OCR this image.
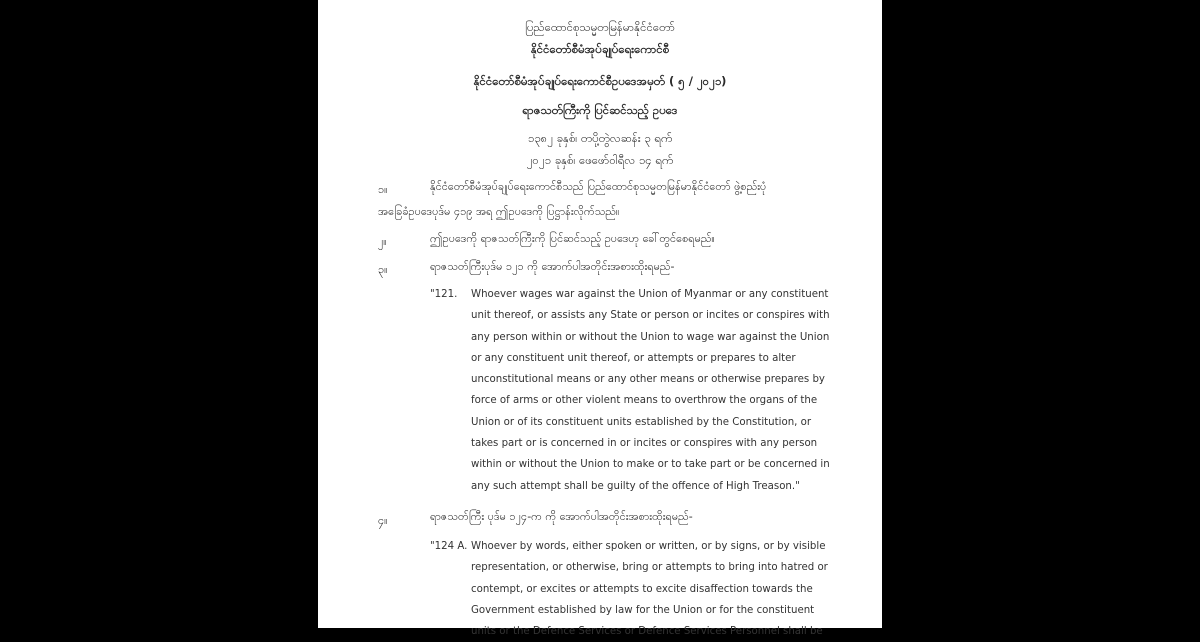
ပြည်ထောင်စုသမ္မတမြန်မာနိုင်ငံတော်
နိုင်ငံတော်စီမံအုပ်ချုပ်ရေးကောင်စီ
နိုင်ငံတော်စီမံအုပ်ချုပ်ရေးကောင်စီဥပဒေအမှတ် ( ၅ / ၂၀၂၁)
ရာဇသတ်ကြီးကို ပြင်ဆင်သည့် ဥပဒေ
၁၃၈၂ ခုနှစ်၊ တပို့တွဲလဆန်း ၃ ရက်
၂၀၂၁ ခုနှစ်၊ ဖေဖော်ဝါရီလ ၁၄ ရက်
၁။	နိုင်ငံတော်စီမံအုပ်ချုပ်ရေးကောင်စီသည် ပြည်ထောင်စုသမ္မတမြန်မာနိုင်ငံတော် ဖွဲ့စည်းပုံ
အခြေခံဥပဒေပုဒ်မ ၄၁၉ အရ ဤဥပဒေကို ပြဋ္ဌာန်းလိုက်သည်။
၂။	ဤဥပဒေကို ရာဇသတ်ကြီးကို ပြင်ဆင်သည့် ဥပဒေဟု ခေါ်တွင်စေရမည်။
၃။	ရာဇသတ်ကြီးပုဒ်မ ၁၂၁ ကို အောက်ပါအတိုင်းအစားထိုးရမည်-
"121. Whoever wages war against the Union of Myanmar or any constituent
unit thereof, or assists any State or person or incites or conspires with
any person within or without the Union to wage war against the Union
or any constituent unit thereof, or attempts or prepares to alter
unconstitutional means or any other means or otherwise prepares by
force of arms or other violent means to overthrow the organs of the
Union or of its constituent units established by the Constitution, or
takes part or is concerned in or incites or conspires with any person
within or without the Union to make or to take part or be concerned in
any such attempt shall be guilty of the offence of High Treason."
၄။	ရာဇသတ်ကြီး ပုဒ်မ ၁၂၄-က ကို အောက်ပါအတိုင်းအစားထိုးရမည်-
"124 A. Whoever by words, either spoken or written, or by signs, or by visible
representation, or otherwise, bring or attempts to bring into hatred or
contempt, or excites or attempts to excite disaffection towards the
Government established by law for the Union or for the constituent
units or the Defence Services or Defence Services Personnel shall be
